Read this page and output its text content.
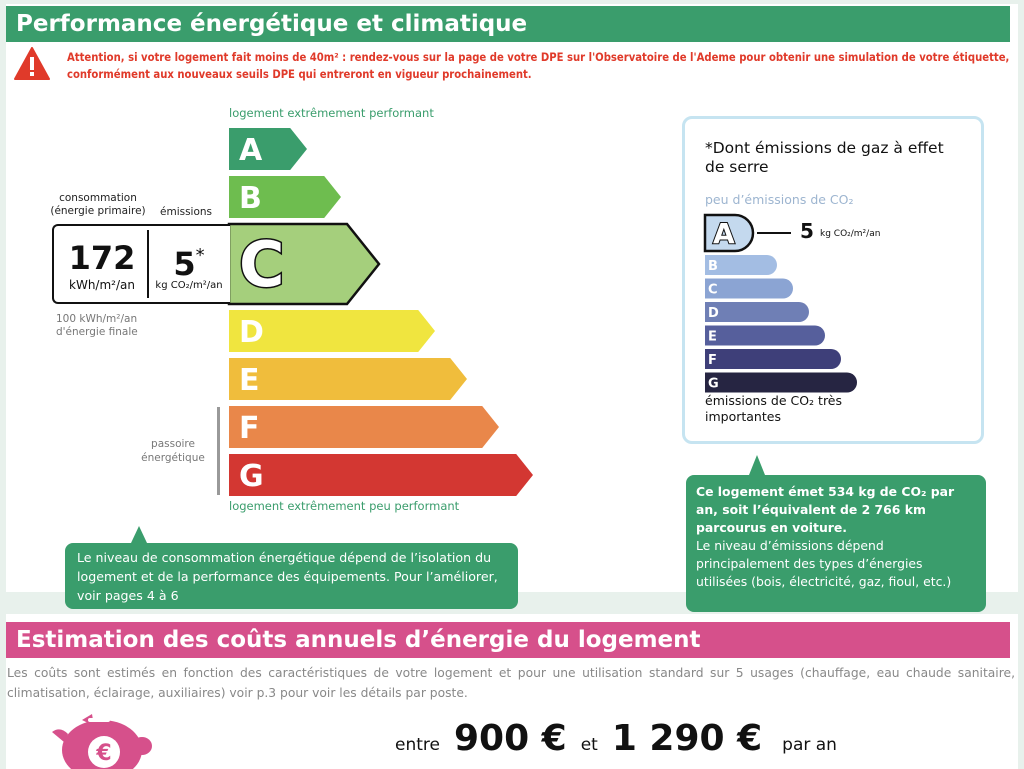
Performance énergétique et climatique
Attention, si votre logement fait moins de 40m² : rendez-vous sur la page de votre DPE sur l'Observatoire de l'Ademe pour obtenir une simulation de votre étiquette, conformément aux nouveaux seuils DPE qui entreront en vigueur prochainement.
logement extrêmement performant
A
B
C
D
E
F
G
consommation (énergie primaire) émissions
172
kWh/m²/an
5*
kg CO₂/m²/an
100 kWh/m²/an d'énergie finale
passoire énergétique
logement extrêmement peu performant
Le niveau de consommation énergétique dépend de l’isolation du logement et de la performance des équipements. Pour l’améliorer, voir pages 4 à 6
*Dont émissions de gaz à effet de serre
peu d’émissions de CO₂
A
B
C
D
E
F
G
5 kg CO₂/m²/an
émissions de CO₂ très importantes
Ce logement émet 534 kg de CO₂ par an, soit l’équivalent de 2 766 km parcourus en voiture.
Le niveau d’émissions dépend principalement des types d’énergies utilisées (bois, électricité, gaz, fioul, etc.)
Estimation des coûts annuels d’énergie du logement
Les coûts sont estimés en fonction des caractéristiques de votre logement et pour une utilisation standard sur 5 usages (chauffage, eau chaude sanitaire, climatisation, éclairage, auxiliaires) voir p.3 pour voir les détails par poste.
€	entre 900 € et 1 290 € par an
